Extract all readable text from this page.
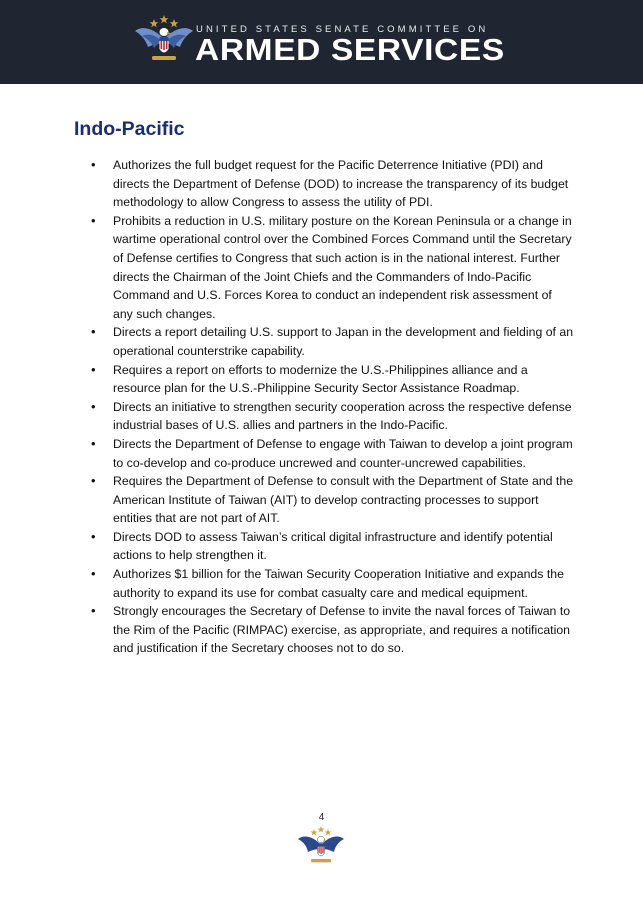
UNITED STATES SENATE COMMITTEE ON
ARMED SERVICES
Indo-Pacific
• Authorizes the full budget request for the Pacific Deterrence Initiative (PDI) and directs the Department of Defense (DOD) to increase the transparency of its budget methodology to allow Congress to assess the utility of PDI.
• Prohibits a reduction in U.S. military posture on the Korean Peninsula or a change in wartime operational control over the Combined Forces Command until the Secretary of Defense certifies to Congress that such action is in the national interest. Further directs the Chairman of the Joint Chiefs and the Commanders of Indo-Pacific Command and U.S. Forces Korea to conduct an independent risk assessment of any such changes.
• Directs a report detailing U.S. support to Japan in the development and fielding of an operational counterstrike capability.
• Requires a report on efforts to modernize the U.S.-Philippines alliance and a resource plan for the U.S.-Philippine Security Sector Assistance Roadmap.
• Directs an initiative to strengthen security cooperation across the respective defense industrial bases of U.S. allies and partners in the Indo-Pacific.
• Directs the Department of Defense to engage with Taiwan to develop a joint program to co-develop and co-produce uncrewed and counter-uncrewed capabilities.
• Requires the Department of Defense to consult with the Department of State and the American Institute of Taiwan (AIT) to develop contracting processes to support entities that are not part of AIT.
• Directs DOD to assess Taiwan’s critical digital infrastructure and identify potential actions to help strengthen it.
• Authorizes $1 billion for the Taiwan Security Cooperation Initiative and expands the authority to expand its use for combat casualty care and medical equipment.
• Strongly encourages the Secretary of Defense to invite the naval forces of Taiwan to the Rim of the Pacific (RIMPAC) exercise, as appropriate, and requires a notification and justification if the Secretary chooses not to do so.
4
